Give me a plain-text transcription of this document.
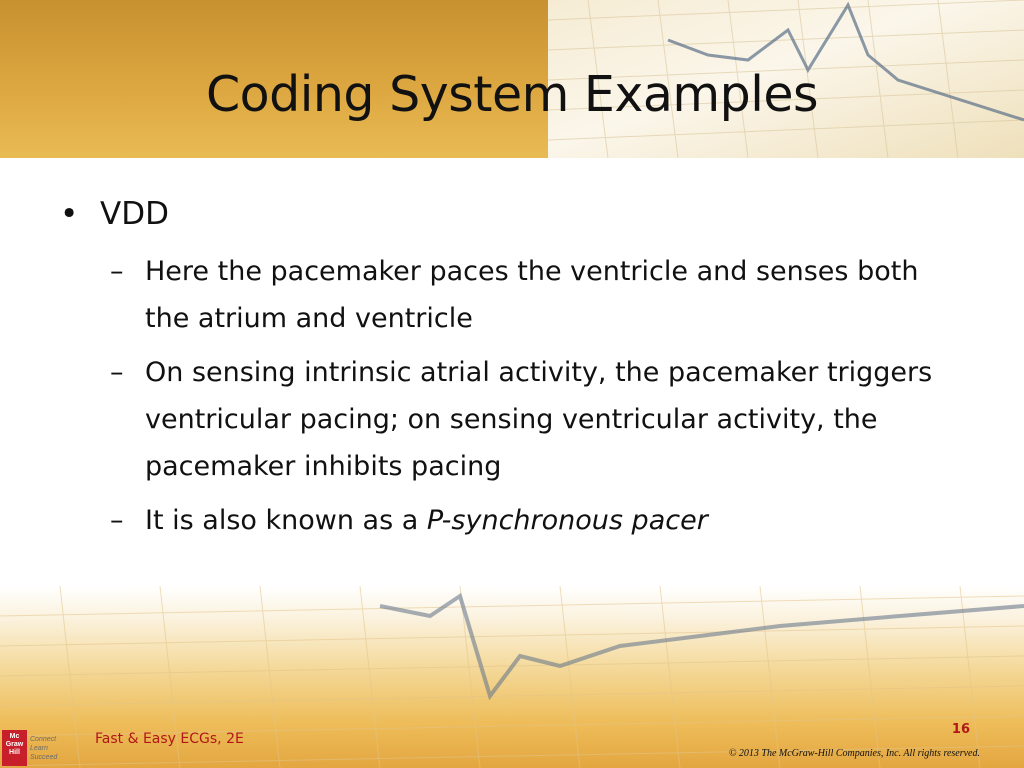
Coding System Examples
• VDD
– Here the pacemaker paces the ventricle and senses both the atrium and ventricle
– On sensing intrinsic atrial activity, the pacemaker triggers ventricular pacing; on sensing ventricular activity, the pacemaker inhibits pacing
– It is also known as a P-synchronous pacer
Mc Graw Hill
Connect
Learn
Succeed
Fast & Easy ECGs, 2E
16
© 2013 The McGraw-Hill Companies, Inc. All rights reserved.
